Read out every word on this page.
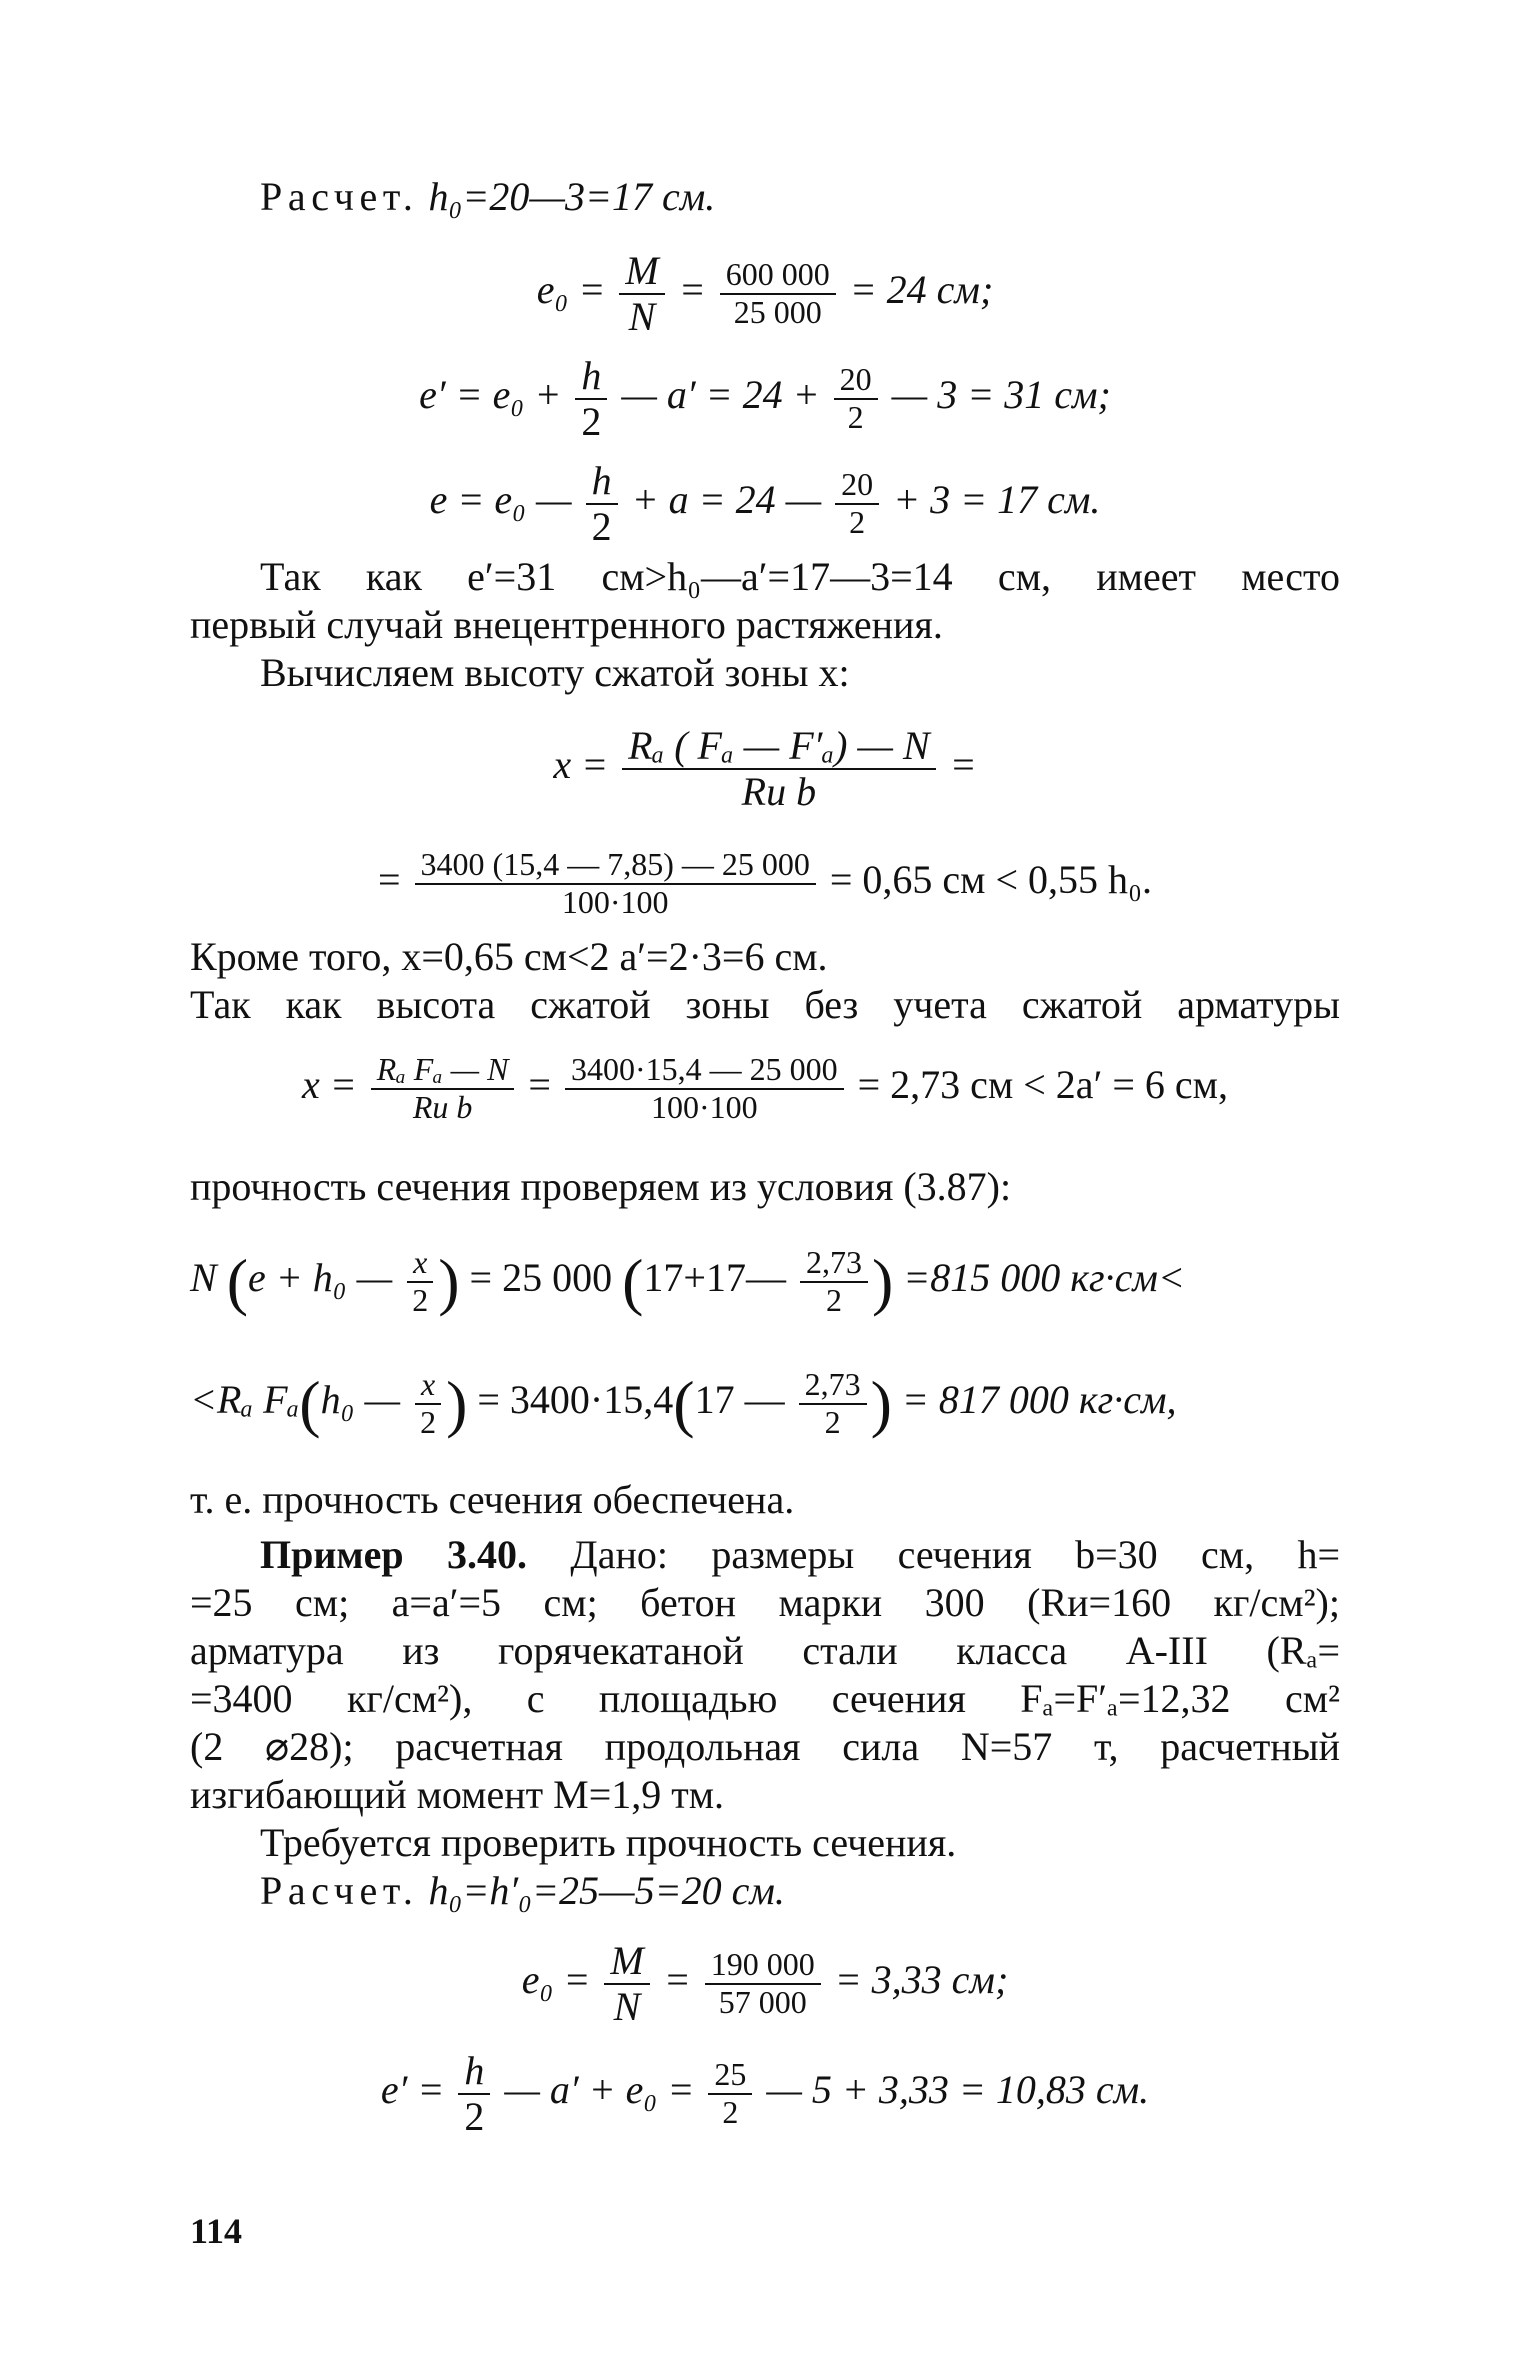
Расчет. h₀=20—3=17 см.
$e_0 = \frac{M}{N} = \frac{600 000}{25 000} = 24$ см;
$e' = e_0 + \frac{h}{2}$ — $a' = 24 + \frac{20}{2}$ — 3 = 31 см;
e = e₀ — $\frac{h}{2} + a = 24$ — $\frac{20}{2} + 3 = 17$ см.
Так как e′=31 см>h₀—a′=17—3=14 см, имеет место
первый случай внецентренного растяжения.
Вычисляем высоту сжатой зоны x:
x = Rₐ ( Fₐ — F′ₐ) — N
Rи b
=
= $\frac{3400 (15,4 — 7,85) — 25 000}{100\cdot 100} = 0,65$ см < 0,55 h₀.
Кроме того, x=0,65 см<2 a′=2·3=6 см.
Так как высота сжатой зоны без учета сжатой арматуры
x = Rₐ Fₐ — N
Rи $b = \frac{3400\cdot 15,4 — 25 000}{100\cdot 100} = 2,73$ см < 2a′ = 6 см,
прочность сечения проверяем из условия (3.87):
N (e + h₀ — $\frac{x}{2}$ ) = 25 000 (17+17— $\frac{2,73}{2}$ ) =815 000 кг·см<
<Rₐ Fₐ(h₀ — $\frac{x}{2}$ ) = 3400·15,4(17 — $\frac{2,73}{2}$ ) = 817 000 кг·см,
т. е. прочность сечения обеспечена.
Пример 3.40. Дано: размеры сечения b=30 см, h=
=25 см; a=a′=5 см; бетон марки 300 (Rи=160 кг/см²);
арматура из горячекатаной стали класса А-III (Rₐ=
=3400 кг/см²), с площадью сечения Fₐ=F′ₐ=12,32 см²
(2 ⌀28); расчетная продольная сила N=57 т, расчетный
изгибающий момент M=1,9 тм.
Требуется проверить прочность сечения.
Расчет. h₀=h′₀=25—5=20 см.
$e_0 = \frac{M}{N} = \frac{190 000}{57 000} = 3,33$ см;
$e' = \frac{h}{2}$ — $a' + e_0 = \frac{25}{2}$ — 5 + 3,33 = 10,83 см.
114
